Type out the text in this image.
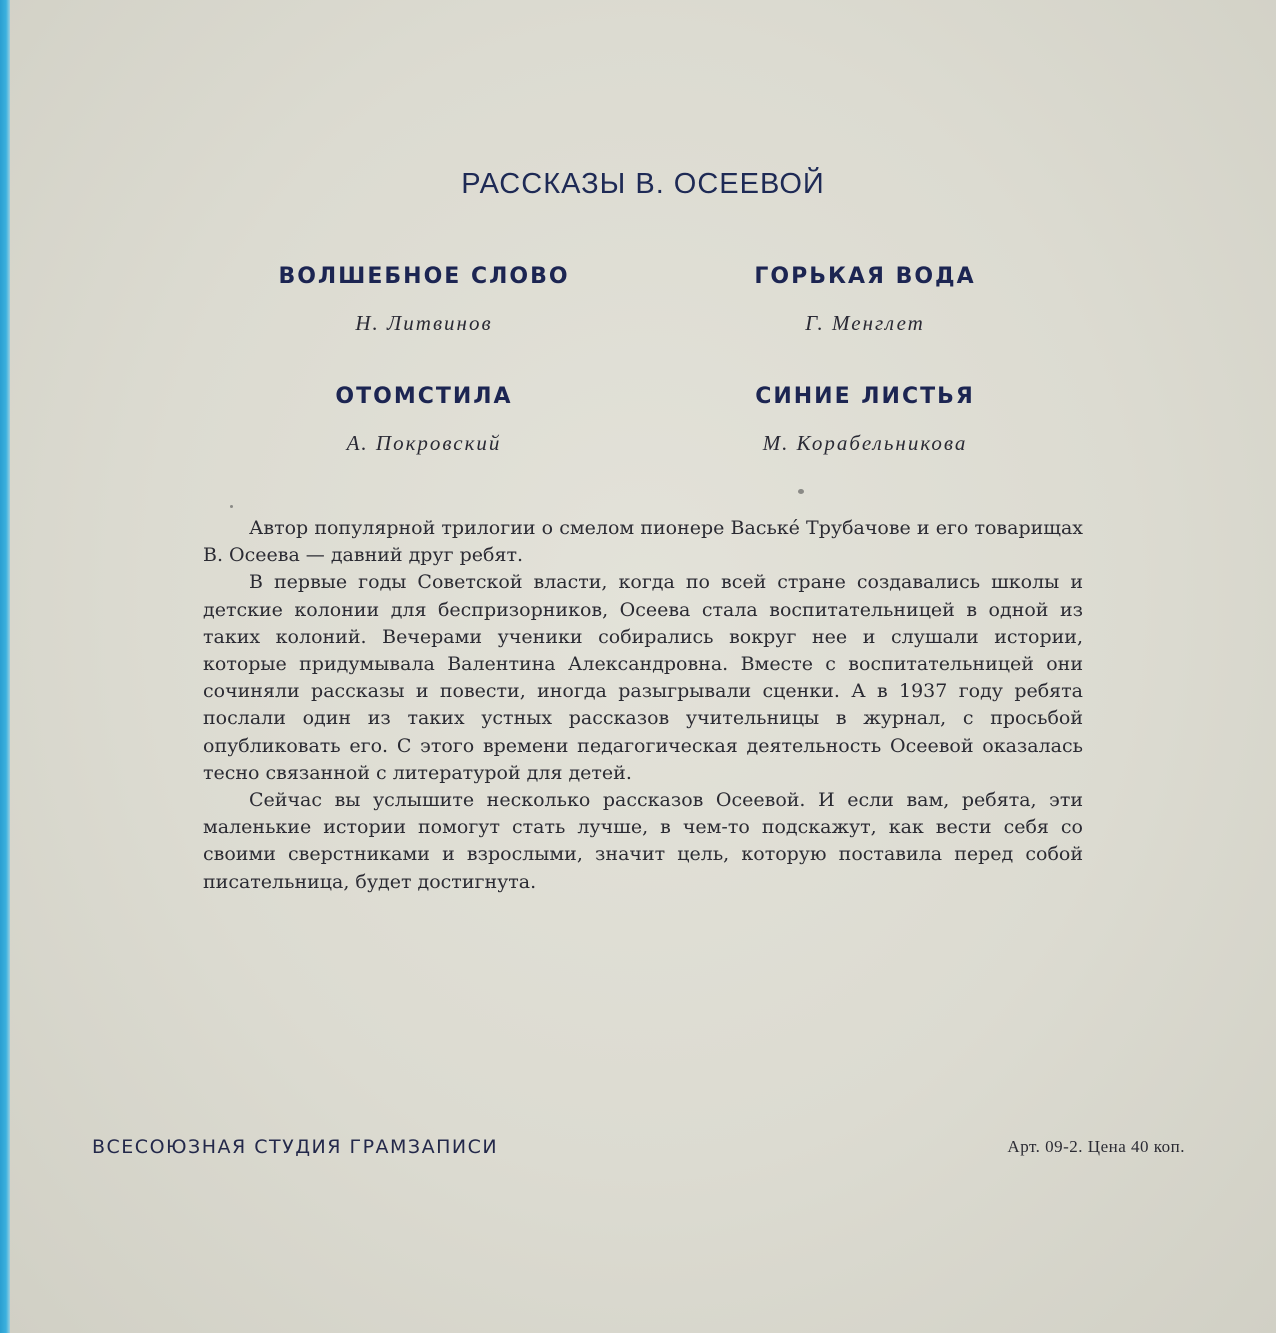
РАССКАЗЫ В. ОСЕЕВОЙ
ВОЛШЕБНОЕ СЛОВО
Н. Литвинов
ГОРЬКАЯ ВОДА
Г. Менглет
ОТОМСТИЛА
А. Покровский
СИНИЕ ЛИСТЬЯ
М. Корабельникова

Автор популярной трилогии о смелом пионере Ваське́ Трубачове и его товарищах В. Осеева — давний друг ребят.

В первые годы Советской власти, когда по всей стране создавались школы и детские колонии для беспризорников, Осеева стала воспитательницей в одной из таких колоний. Вечерами ученики собирались вокруг нее и слушали истории, которые придумывала Валентина Александровна. Вместе с воспитательницей они сочиняли рассказы и повести, иногда разыгрывали сценки. А в 1937 году ребята послали один из таких устных рассказов учительницы в журнал, с просьбой опубликовать его. С этого времени педагогическая деятельность Осеевой оказалась тесно связанной с литературой для детей.

Сейчас вы услышите несколько рассказов Осеевой. И если вам, ребята, эти маленькие истории помогут стать лучше, в чем-то подскажут, как вести себя со своими сверстниками и взрослыми, значит цель, которую поставила перед собой писательница, будет достигнута.

ВСЕСОЮЗНАЯ СТУДИЯ ГРАМЗАПИСИ	Арт. 09-2. Цена 40 коп.
